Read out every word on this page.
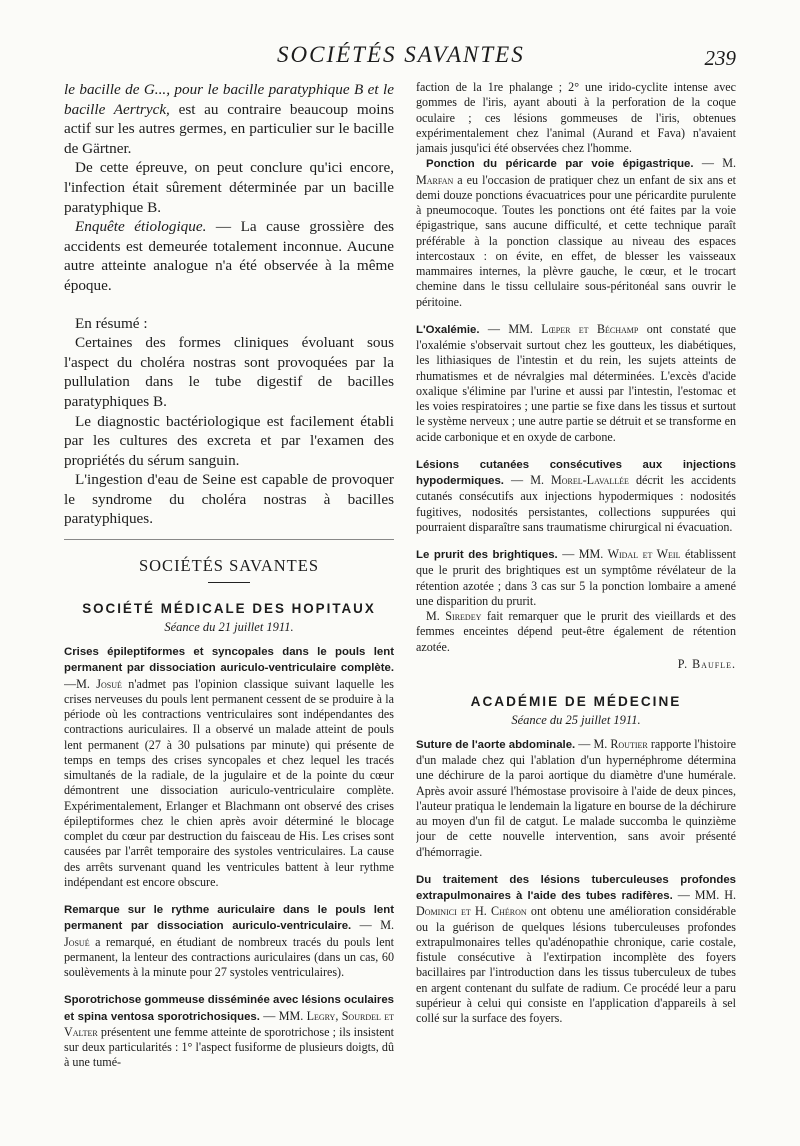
SOCIÉTÉS SAVANTES	239

le bacille de G..., pour le bacille paratyphique B et le bacille Aertryck, est au contraire beaucoup moins actif sur les autres germes, en particulier sur le bacille de Gärtner.

De cette épreuve, on peut conclure qu'ici encore, l'infection était sûrement déterminée par un bacille paratyphique B.

Enquête étiologique. — La cause grossière des accidents est demeurée totalement inconnue. Aucune autre atteinte analogue n'a été observée à la même époque.

En résumé :

Certaines des formes cliniques évoluant sous l'aspect du choléra nostras sont provoquées par la pullulation dans le tube digestif de bacilles paratyphiques B.

Le diagnostic bactériologique est facilement établi par les cultures des excreta et par l'examen des propriétés du sérum sanguin.

L'ingestion d'eau de Seine est capable de provoquer le syndrome du choléra nostras à bacilles paratyphiques.

SOCIÉTÉS SAVANTES
SOCIÉTÉ MÉDICALE DES HOPITAUX
Séance du 21 juillet 1911.

Crises épileptiformes et syncopales dans le pouls lent permanent par dissociation auriculo-ventriculaire complète. —M. Josué n'admet pas l'opinion classique suivant laquelle les crises nerveuses du pouls lent permanent cessent de se produire à la période où les contractions ventriculaires sont indépendantes des contractions auriculaires. Il a observé un malade atteint de pouls lent permanent (27 à 30 pulsations par minute) qui présente de temps en temps des crises syncopales et chez lequel les tracés simultanés de la radiale, de la jugulaire et de la pointe du cœur démontrent une dissociation auriculo-ventriculaire complète. Expérimentalement, Erlanger et Blachmann ont observé des crises épileptiformes chez le chien après avoir déterminé le blocage complet du cœur par destruction du faisceau de His. Les crises sont causées par l'arrêt temporaire des systoles ventriculaires. La cause des arrêts survenant quand les ventricules battent à leur rythme indépendant est encore obscure.

Remarque sur le rythme auriculaire dans le pouls lent permanent par dissociation auriculo-ventriculaire. — M. Josué a remarqué, en étudiant de nombreux tracés du pouls lent permanent, la lenteur des contractions auriculaires (dans un cas, 60 soulèvements à la minute pour 27 systoles ventriculaires).

Sporotrichose gommeuse disséminée avec lésions oculaires et spina ventosa sporotrichosiques. — MM. Legry, Sourdel et Valter présentent une femme atteinte de sporotrichose ; ils insistent sur deux particularités : 1° l'aspect fusiforme de plusieurs doigts, dû à une tumé-

faction de la 1re phalange ; 2° une irido-cyclite intense avec gommes de l'iris, ayant abouti à la perforation de la coque oculaire ; ces lésions gommeuses de l'iris, obtenues expérimentalement chez l'animal (Aurand et Fava) n'avaient jamais jusqu'ici été observées chez l'homme.

Ponction du péricarde par voie épigastrique. — M. Marfan a eu l'occasion de pratiquer chez un enfant de six ans et demi douze ponctions évacuatrices pour une péricardite purulente à pneumocoque. Toutes les ponctions ont été faites par la voie épigastrique, sans aucune difficulté, et cette technique paraît préférable à la ponction classique au niveau des espaces intercostaux : on évite, en effet, de blesser les vaisseaux mammaires internes, la plèvre gauche, le cœur, et le trocart chemine dans le tissu cellulaire sous-péritonéal sans ouvrir le péritoine.

L'Oxalémie. — MM. Lœper et Béchamp ont constaté que l'oxalémie s'observait surtout chez les goutteux, les diabétiques, les lithiasiques de l'intestin et du rein, les sujets atteints de rhumatismes et de névralgies mal déterminées. L'excès d'acide oxalique s'élimine par l'urine et aussi par l'intestin, l'estomac et les voies respiratoires ; une partie se fixe dans les tissus et surtout le système nerveux ; une autre partie se détruit et se transforme en acide carbonique et en oxyde de carbone.

Lésions cutanées consécutives aux injections hypodermiques. — M. Morel-Lavallée décrit les accidents cutanés consécutifs aux injections hypodermiques : nodosités fugitives, nodosités persistantes, collections suppurées qui pourraient disparaître sans traumatisme chirurgical ni évacuation.

Le prurit des brightiques. — MM. Widal et Weil établissent que le prurit des brightiques est un symptôme révélateur de la rétention azotée ; dans 3 cas sur 5 la ponction lombaire a amené une disparition du prurit.

M. Siredey fait remarquer que le prurit des vieillards et des femmes enceintes dépend peut-être également de rétention azotée.

P. Baufle.
ACADÉMIE DE MÉDECINE
Séance du 25 juillet 1911.

Suture de l'aorte abdominale. — M. Routier rapporte l'histoire d'un malade chez qui l'ablation d'un hypernéphrome détermina une déchirure de la paroi aortique du diamètre d'une humérale. Après avoir assuré l'hémostase provisoire à l'aide de deux pinces, l'auteur pratiqua le lendemain la ligature en bourse de la déchirure au moyen d'un fil de catgut. Le malade succomba le quinzième jour de cette nouvelle intervention, sans avoir présenté d'hémorragie.

Du traitement des lésions tuberculeuses profondes extrapulmonaires à l'aide des tubes radifères. — MM. H. Dominici et H. Chéron ont obtenu une amélioration considérable ou la guérison de quelques lésions tuberculeuses profondes extrapulmonaires telles qu'adénopathie chronique, carie costale, fistule consécutive à l'extirpation incomplète des foyers bacillaires par l'introduction dans les tissus tuberculeux de tubes en argent contenant du sulfate de radium. Ce procédé leur a paru supérieur à celui qui consiste en l'application d'appareils à sel collé sur la surface des foyers.
